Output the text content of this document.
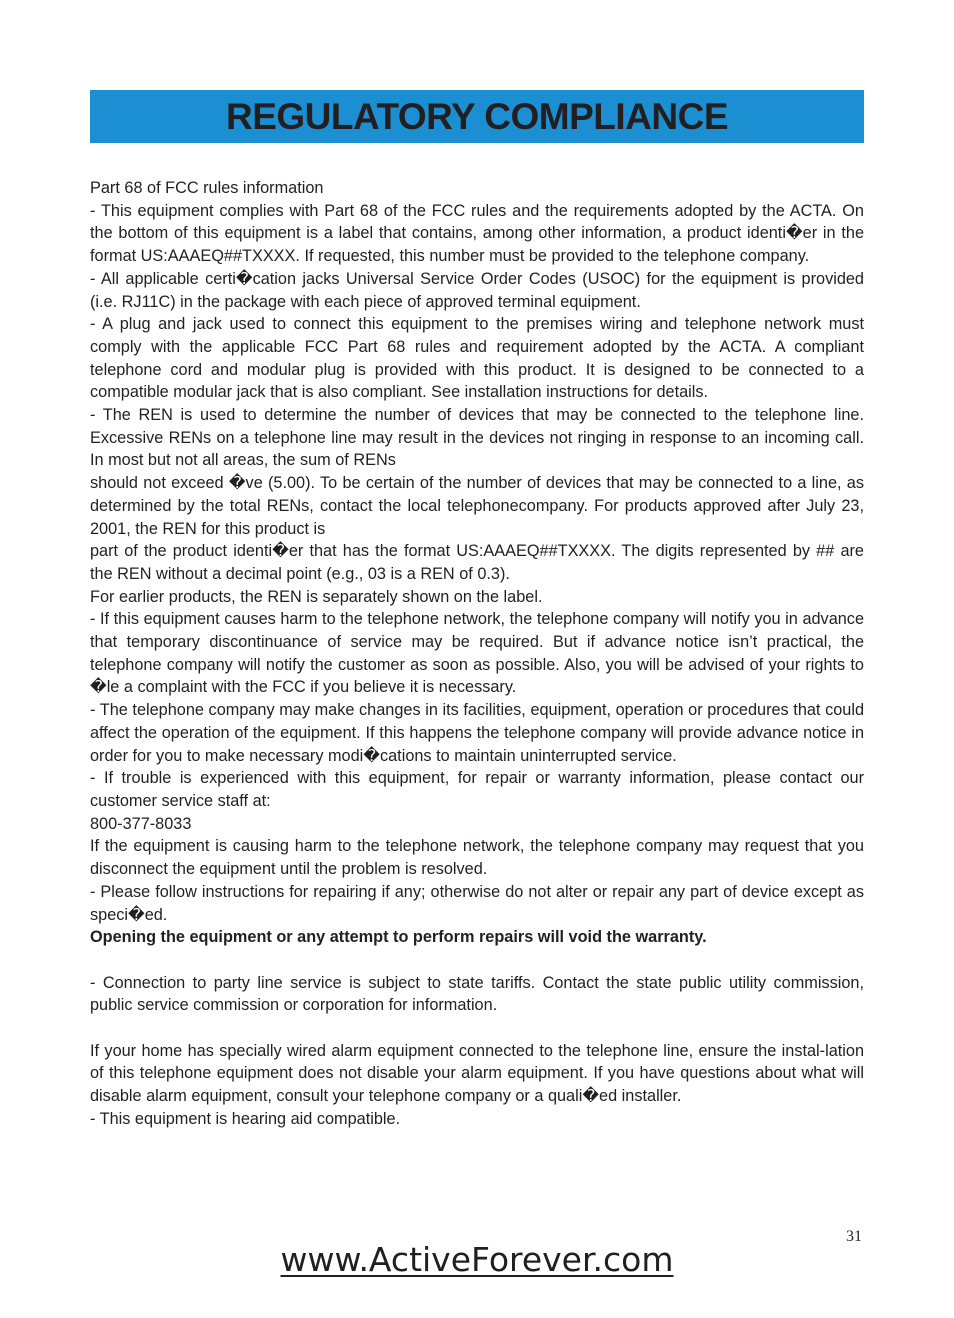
REGULATORY COMPLIANCE

Part 68 of FCC rules information

- This equipment complies with Part 68 of the FCC rules and the requirements adopted by the ACTA. On the bottom of this equipment is a label that contains, among other information, a product identi�er in the format US:AAAEQ##TXXXX. If requested, this number must be provided to the telephone company.

- All applicable certi�cation jacks Universal Service Order Codes (USOC) for the equipment is provided (i.e. RJ11C) in the package with each piece of approved terminal equipment.

- A plug and jack used to connect this equipment to the premises wiring and telephone network must comply with the applicable FCC Part 68 rules and requirement adopted by the ACTA. A compliant telephone cord and modular plug is provided with this product. It is designed to be connected to a compatible modular jack that is also compliant. See installation instructions for details.

- The REN is used to determine the number of devices that may be connected to the telephone line. Excessive RENs on a telephone line may result in the devices not ringing in response to an incoming call. In most but not all areas, the sum of RENs

should not exceed �ve (5.00). To be certain of the number of devices that may be connected to a line, as determined by the total RENs, contact the local telephonecompany. For products approved after July 23, 2001, the REN for this product is

part of the product identi�er that has the format US:AAAEQ##TXXXX. The digits represented by ## are the REN without a decimal point (e.g., 03 is a REN of 0.3).

For earlier products, the REN is separately shown on the label.

- If this equipment causes harm to the telephone network, the telephone company will notify you in advance that temporary discontinuance of service may be required. But if advance notice isn’t practical, the telephone company will notify the customer as soon as possible. Also, you will be advised of your rights to �le a complaint with the FCC if you believe it is necessary.

- The telephone company may make changes in its facilities, equipment, operation or procedures that could affect the operation of the equipment. If this happens the telephone company will provide advance notice in order for you to make necessary modi�cations to maintain uninterrupted service.

- If trouble is experienced with this equipment, for repair or warranty information, please contact our customer service staff at:

800-377-8033

If the equipment is causing harm to the telephone network, the telephone company may request that you disconnect the equipment until the problem is resolved.

- Please follow instructions for repairing if any; otherwise do not alter or repair any part of device except as speci�ed.

Opening the equipment or any attempt to perform repairs will void the warranty.

- Connection to party line service is subject to state tariffs. Contact the state public utility commission, public service commission or corporation for information.

If your home has specially wired alarm equipment connected to the telephone line, ensure the instal-lation of this telephone equipment does not disable your alarm equipment. If you have questions about what will disable alarm equipment, consult your telephone company or a quali�ed installer.

- This equipment is hearing aid compatible.

31
www.ActiveForever.com
